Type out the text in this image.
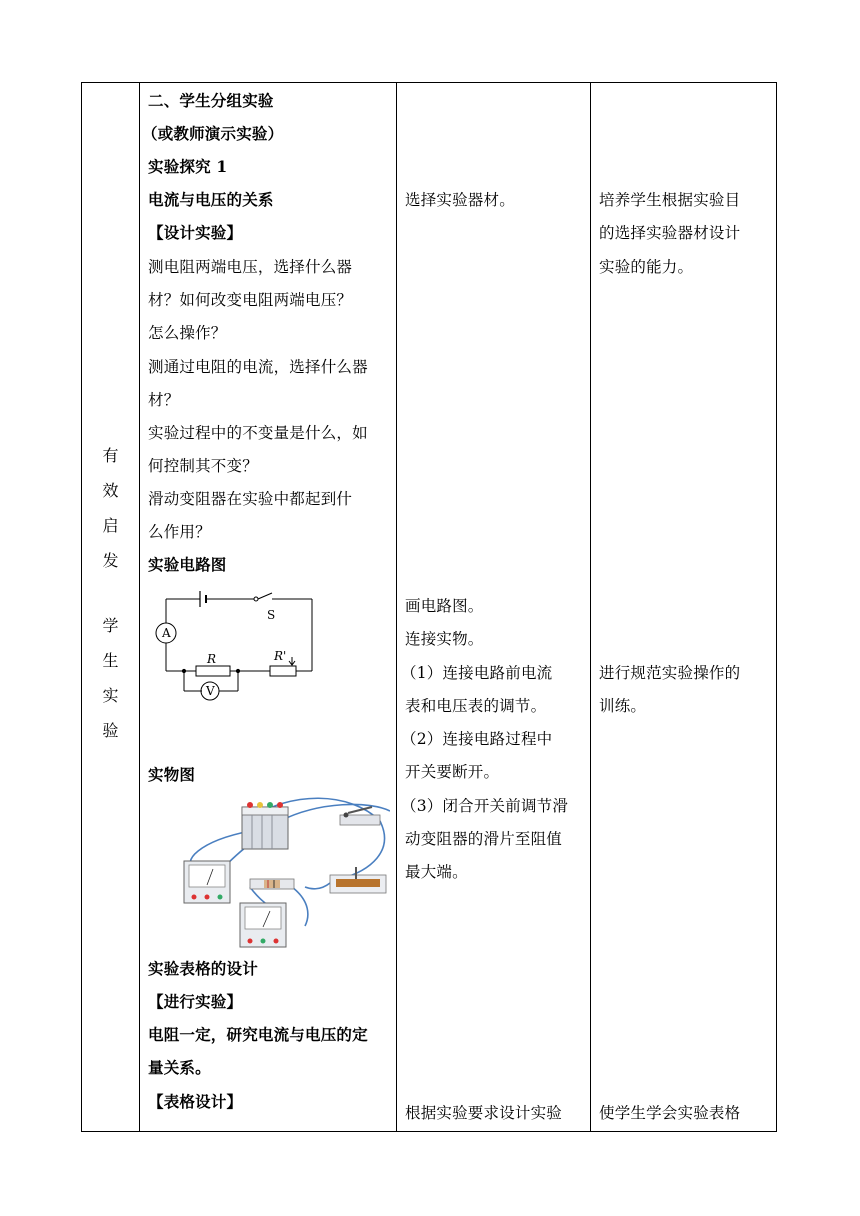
有
效
启
发
学
生
实
验

二、学生分组实验
（或教师演示实验）
实验探究 1
电流与电压的关系
【设计实验】
测电阻两端电压，选择什么器
材？如何改变电阻两端电压？
怎么操作？
测通过电阻的电流，选择什么器
材？
实验过程中的不变量是什么，如
何控制其不变？
滑动变阻器在实验中都起到什
么作用？
实验电路图
A
S
R	R'
V
实物图
实验表格的设计
【进行实验】
电阻一定，研究电流与电压的定
量关系。
【表格设计】

选择实验器材。
画电路图。
连接实物。
（1）连接电路前电流
表和电压表的调节。
（2）连接电路过程中
开关要断开。
（3）闭合开关前调节滑
动变阻器的滑片至阻值
最大端。
根据实验要求设计实验

培养学生根据实验目
的选择实验器材设计
实验的能力。
进行规范实验操作的
训练。
使学生学会实验表格
